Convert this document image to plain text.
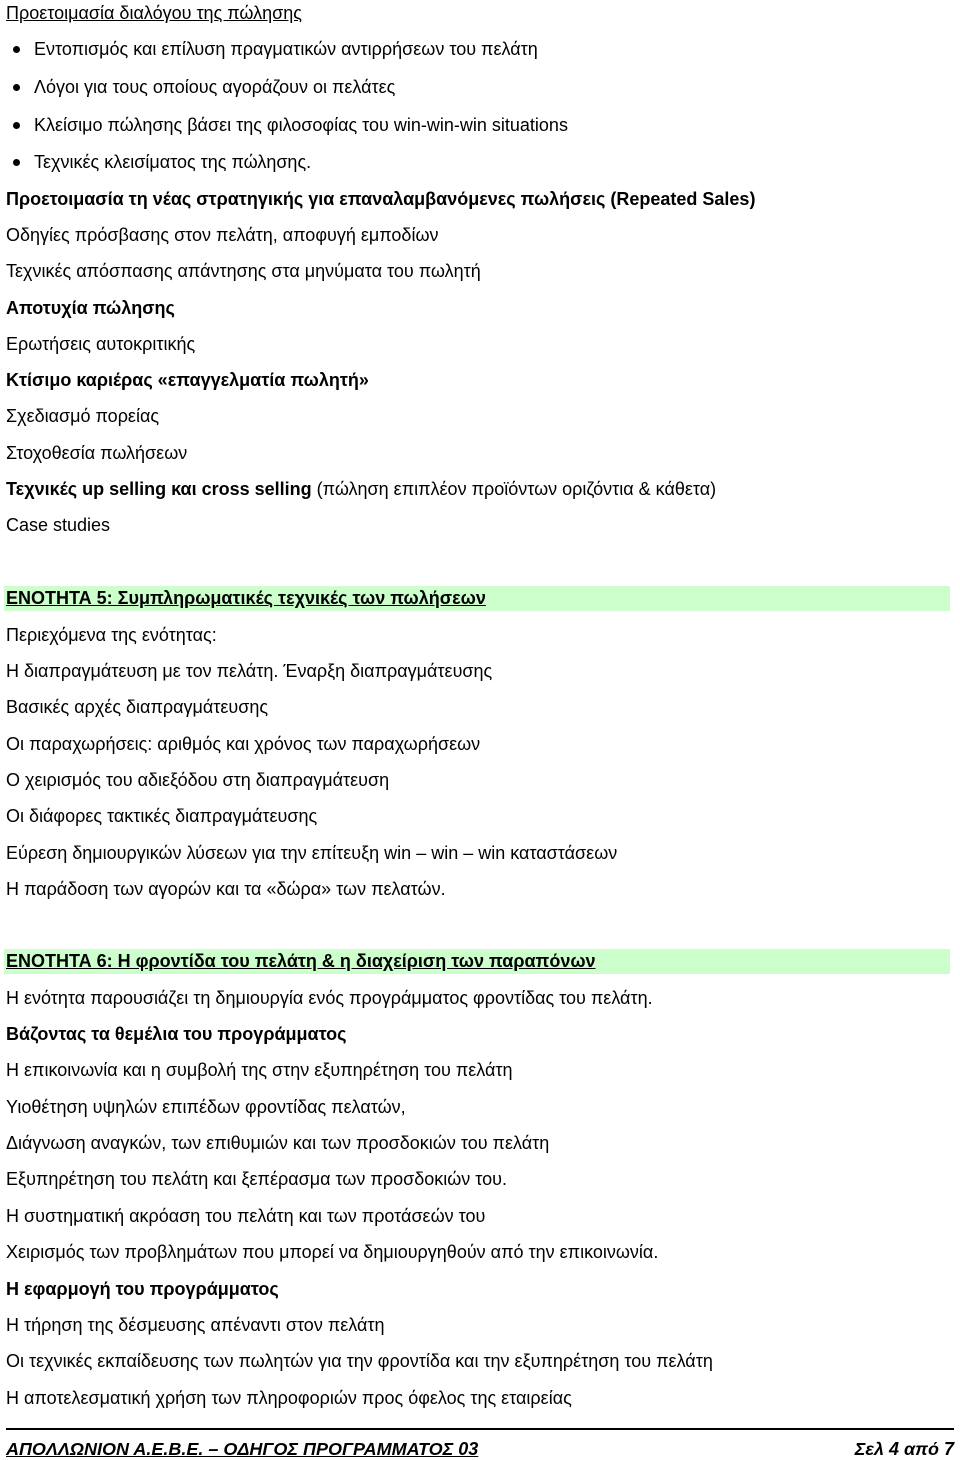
Προετοιμασία διαλόγου της πώλησης
Εντοπισμός και επίλυση πραγματικών αντιρρήσεων του πελάτη
Λόγοι για τους οποίους αγοράζουν οι πελάτες
Κλείσιμο πώλησης βάσει της φιλοσοφίας του win-win-win situations
Τεχνικές κλεισίματος της πώλησης.
Προετοιμασία τη νέας στρατηγικής για επαναλαμβανόμενες πωλήσεις (Repeated Sales)
Οδηγίες πρόσβασης στον πελάτη, αποφυγή εμποδίων
Τεχνικές απόσπασης απάντησης στα μηνύματα του πωλητή
Αποτυχία πώλησης
Ερωτήσεις αυτοκριτικής
Κτίσιμο καριέρας «επαγγελματία πωλητή»
Σχεδιασμό πορείας
Στοχοθεσία πωλήσεων
Τεχνικές up selling και cross selling (πώληση επιπλέον προϊόντων οριζόντια & κάθετα)
Case studies
ΕΝΟΤΗΤΑ 5: Συμπληρωματικές τεχνικές των πωλήσεων
Περιεχόμενα της ενότητας:
Η διαπραγμάτευση με τον πελάτη. Έναρξη διαπραγμάτευσης
Βασικές αρχές διαπραγμάτευσης
Οι παραχωρήσεις: αριθμός και χρόνος των παραχωρήσεων
Ο χειρισμός του αδιεξόδου στη διαπραγμάτευση
Οι διάφορες τακτικές διαπραγμάτευσης
Εύρεση δημιουργικών λύσεων για την επίτευξη win – win – win καταστάσεων
Η παράδοση των αγορών και τα «δώρα» των πελατών.
ΕΝΟΤΗΤΑ 6: Η φροντίδα του πελάτη & η διαχείριση των παραπόνων
Η ενότητα παρουσιάζει τη δημιουργία ενός προγράμματος φροντίδας του πελάτη.
Βάζοντας τα θεμέλια του προγράμματος
Η επικοινωνία και η συμβολή της στην εξυπηρέτηση του πελάτη
Υιοθέτηση υψηλών επιπέδων φροντίδας πελατών,
Διάγνωση αναγκών, των επιθυμιών και των προσδοκιών του πελάτη
Εξυπηρέτηση του πελάτη και ξεπέρασμα των προσδοκιών του.
Η συστηματική ακρόαση του πελάτη και των προτάσεών του
Χειρισμός των προβλημάτων που μπορεί να δημιουργηθούν από την επικοινωνία.
Η εφαρμογή του προγράμματος
Η τήρηση της δέσμευσης απέναντι στον πελάτη
Οι τεχνικές εκπαίδευσης των πωλητών για την φροντίδα και την εξυπηρέτηση του πελάτη
Η αποτελεσματική χρήση των πληροφοριών προς όφελος της εταιρείας
ΑΠΟΛΛΩΝΙΟΝ Α.Ε.Β.Ε. – ΟΔΗΓΟΣ ΠΡΟΓΡΑΜΜΑΤΟΣ 03	Σελ 4 από 7
